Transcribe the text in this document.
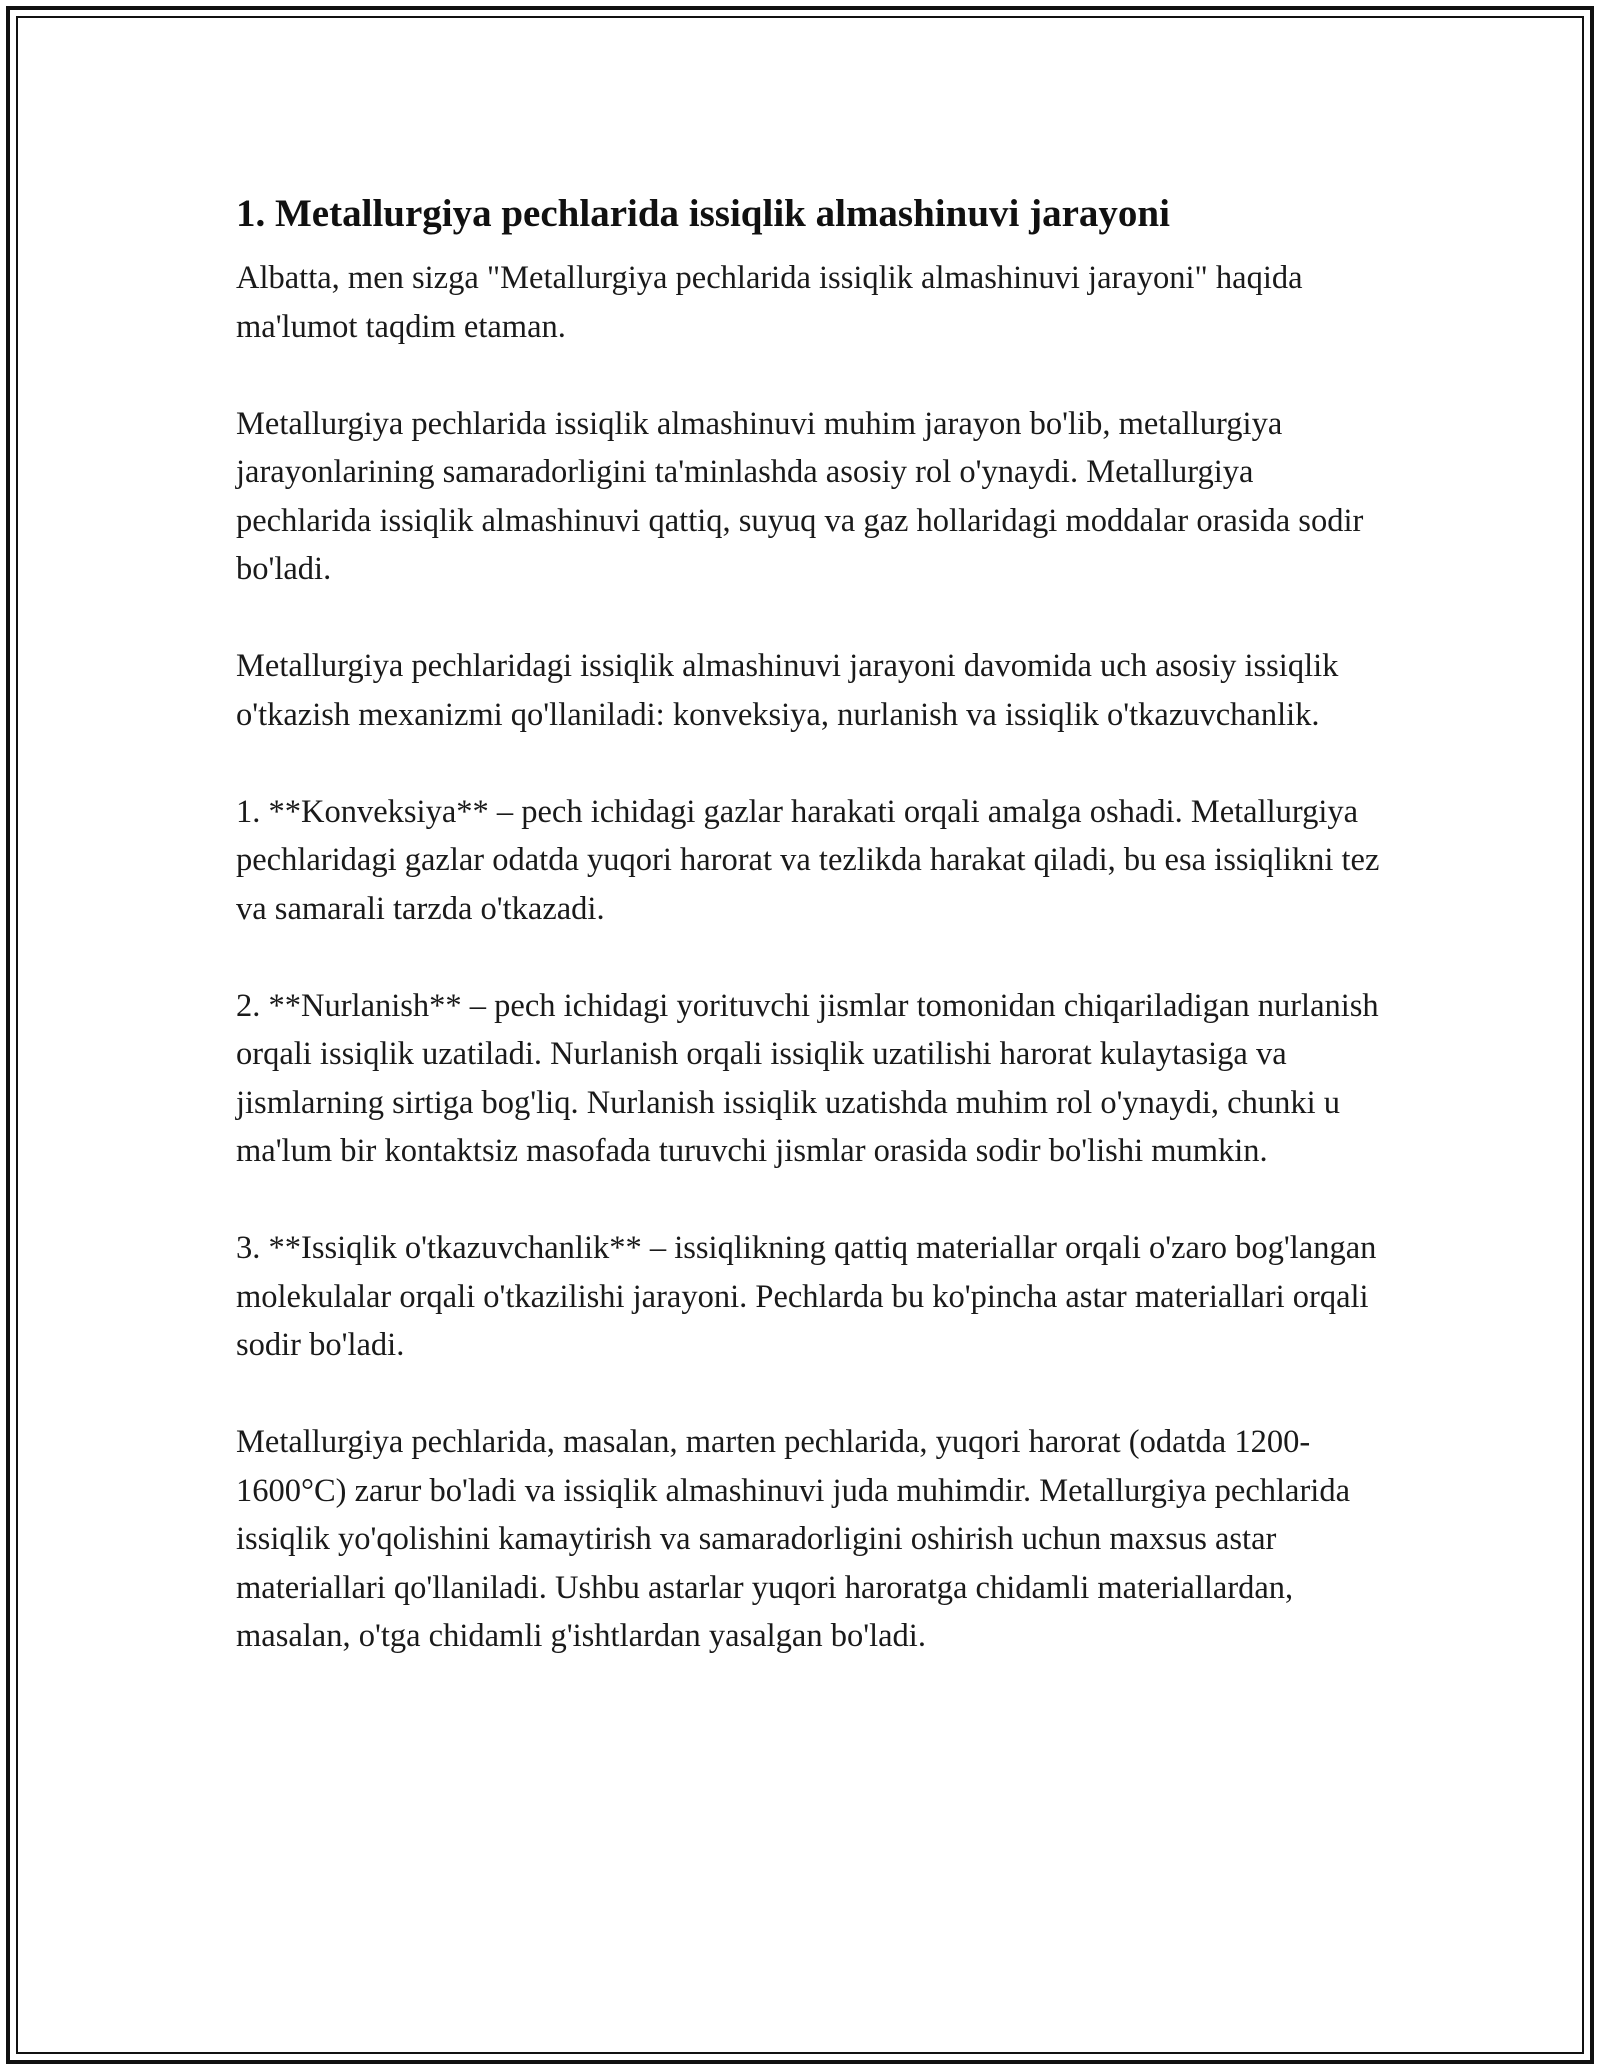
1. Metallurgiya pechlarida issiqlik almashinuvi jarayoni

Albatta, men sizga "Metallurgiya pechlarida issiqlik almashinuvi jarayoni" haqida ma'lumot taqdim etaman.

Metallurgiya pechlarida issiqlik almashinuvi muhim jarayon bo'lib, metallurgiya jarayonlarining samaradorligini ta'minlashda asosiy rol o'ynaydi. Metallurgiya pechlarida issiqlik almashinuvi qattiq, suyuq va gaz hollaridagi moddalar orasida sodir bo'ladi.

Metallurgiya pechlaridagi issiqlik almashinuvi jarayoni davomida uch asosiy issiqlik o'tkazish mexanizmi qo'llaniladi: konveksiya, nurlanish va issiqlik o'tkazuvchanlik.

1. **Konveksiya** – pech ichidagi gazlar harakati orqali amalga oshadi. Metallurgiya pechlaridagi gazlar odatda yuqori harorat va tezlikda harakat qiladi, bu esa issiqlikni tez va samarali tarzda o'tkazadi.

2. **Nurlanish** – pech ichidagi yorituvchi jismlar tomonidan chiqariladigan nurlanish orqali issiqlik uzatiladi. Nurlanish orqali issiqlik uzatilishi harorat kulaytasiga va jismlarning sirtiga bog'liq. Nurlanish issiqlik uzatishda muhim rol o'ynaydi, chunki u ma'lum bir kontaktsiz masofada turuvchi jismlar orasida sodir bo'lishi mumkin.

3. **Issiqlik o'tkazuvchanlik** – issiqlikning qattiq materiallar orqali o'zaro bog'langan molekulalar orqali o'tkazilishi jarayoni. Pechlarda bu ko'pincha astar materiallari orqali sodir bo'ladi.

Metallurgiya pechlarida, masalan, marten pechlarida, yuqori harorat (odatda 1200-1600°C) zarur bo'ladi va issiqlik almashinuvi juda muhimdir. Metallurgiya pechlarida issiqlik yo'qolishini kamaytirish va samaradorligini oshirish uchun maxsus astar materiallari qo'llaniladi. Ushbu astarlar yuqori haroratga chidamli materiallardan, masalan, o'tga chidamli g'ishtlardan yasalgan bo'ladi.
